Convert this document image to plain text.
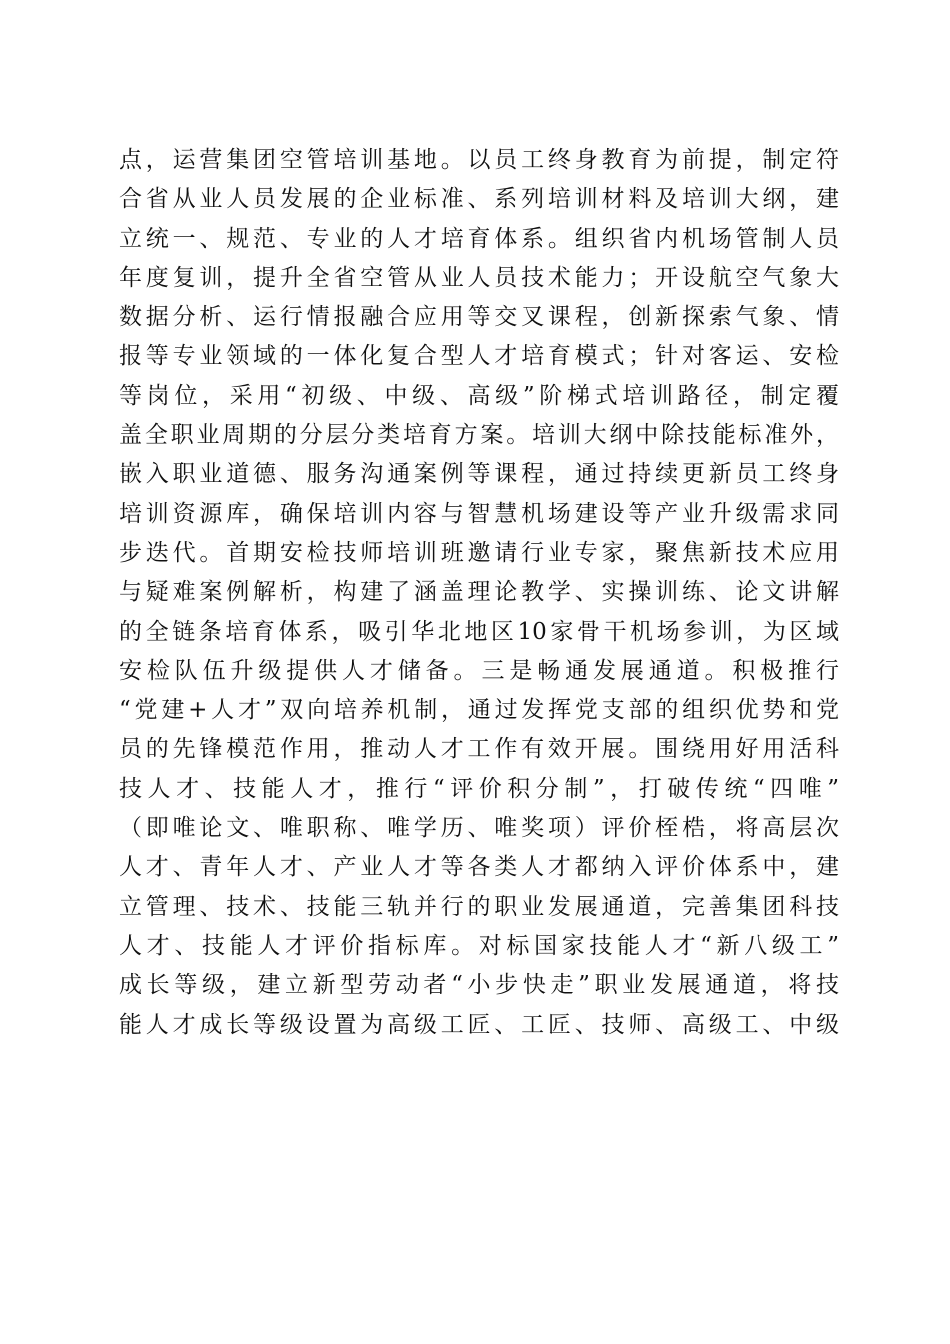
点，运营集团空管培训基地。以员工终身教育为前提，制定符
合省从业人员发展的企业标准、系列培训材料及培训大纲，建
立统一、规范、专业的人才培育体系。组织省内机场管制人员
年度复训，提升全省空管从业人员技术能力；开设航空气象大
数据分析、运行情报融合应用等交叉课程，创新探索气象、情
报等专业领域的一体化复合型人才培育模式；针对客运、安检
等岗位，采用“初级、中级、高级”阶梯式培训路径，制定覆
盖全职业周期的分层分类培育方案。培训大纲中除技能标准外，
嵌入职业道德、服务沟通案例等课程，通过持续更新员工终身
培训资源库，确保培训内容与智慧机场建设等产业升级需求同
步迭代。首期安检技师培训班邀请行业专家，聚焦新技术应用
与疑难案例解析，构建了涵盖理论教学、实操训练、论文讲解
的全链条培育体系，吸引华北地区10家骨干机场参训，为区域
安检队伍升级提供人才储备。三是畅通发展通道。积极推行
“党建+人才”双向培养机制，通过发挥党支部的组织优势和党
员的先锋模范作用，推动人才工作有效开展。围绕用好用活科
技人才、技能人才，推行“评价积分制”，打破传统“四唯”
（即唯论文、唯职称、唯学历、唯奖项）评价桎梏，将高层次
人才、青年人才、产业人才等各类人才都纳入评价体系中，建
立管理、技术、技能三轨并行的职业发展通道，完善集团科技
人才、技能人才评价指标库。对标国家技能人才“新八级工”
成长等级，建立新型劳动者“小步快走”职业发展通道，将技
能人才成长等级设置为高级工匠、工匠、技师、高级工、中级
